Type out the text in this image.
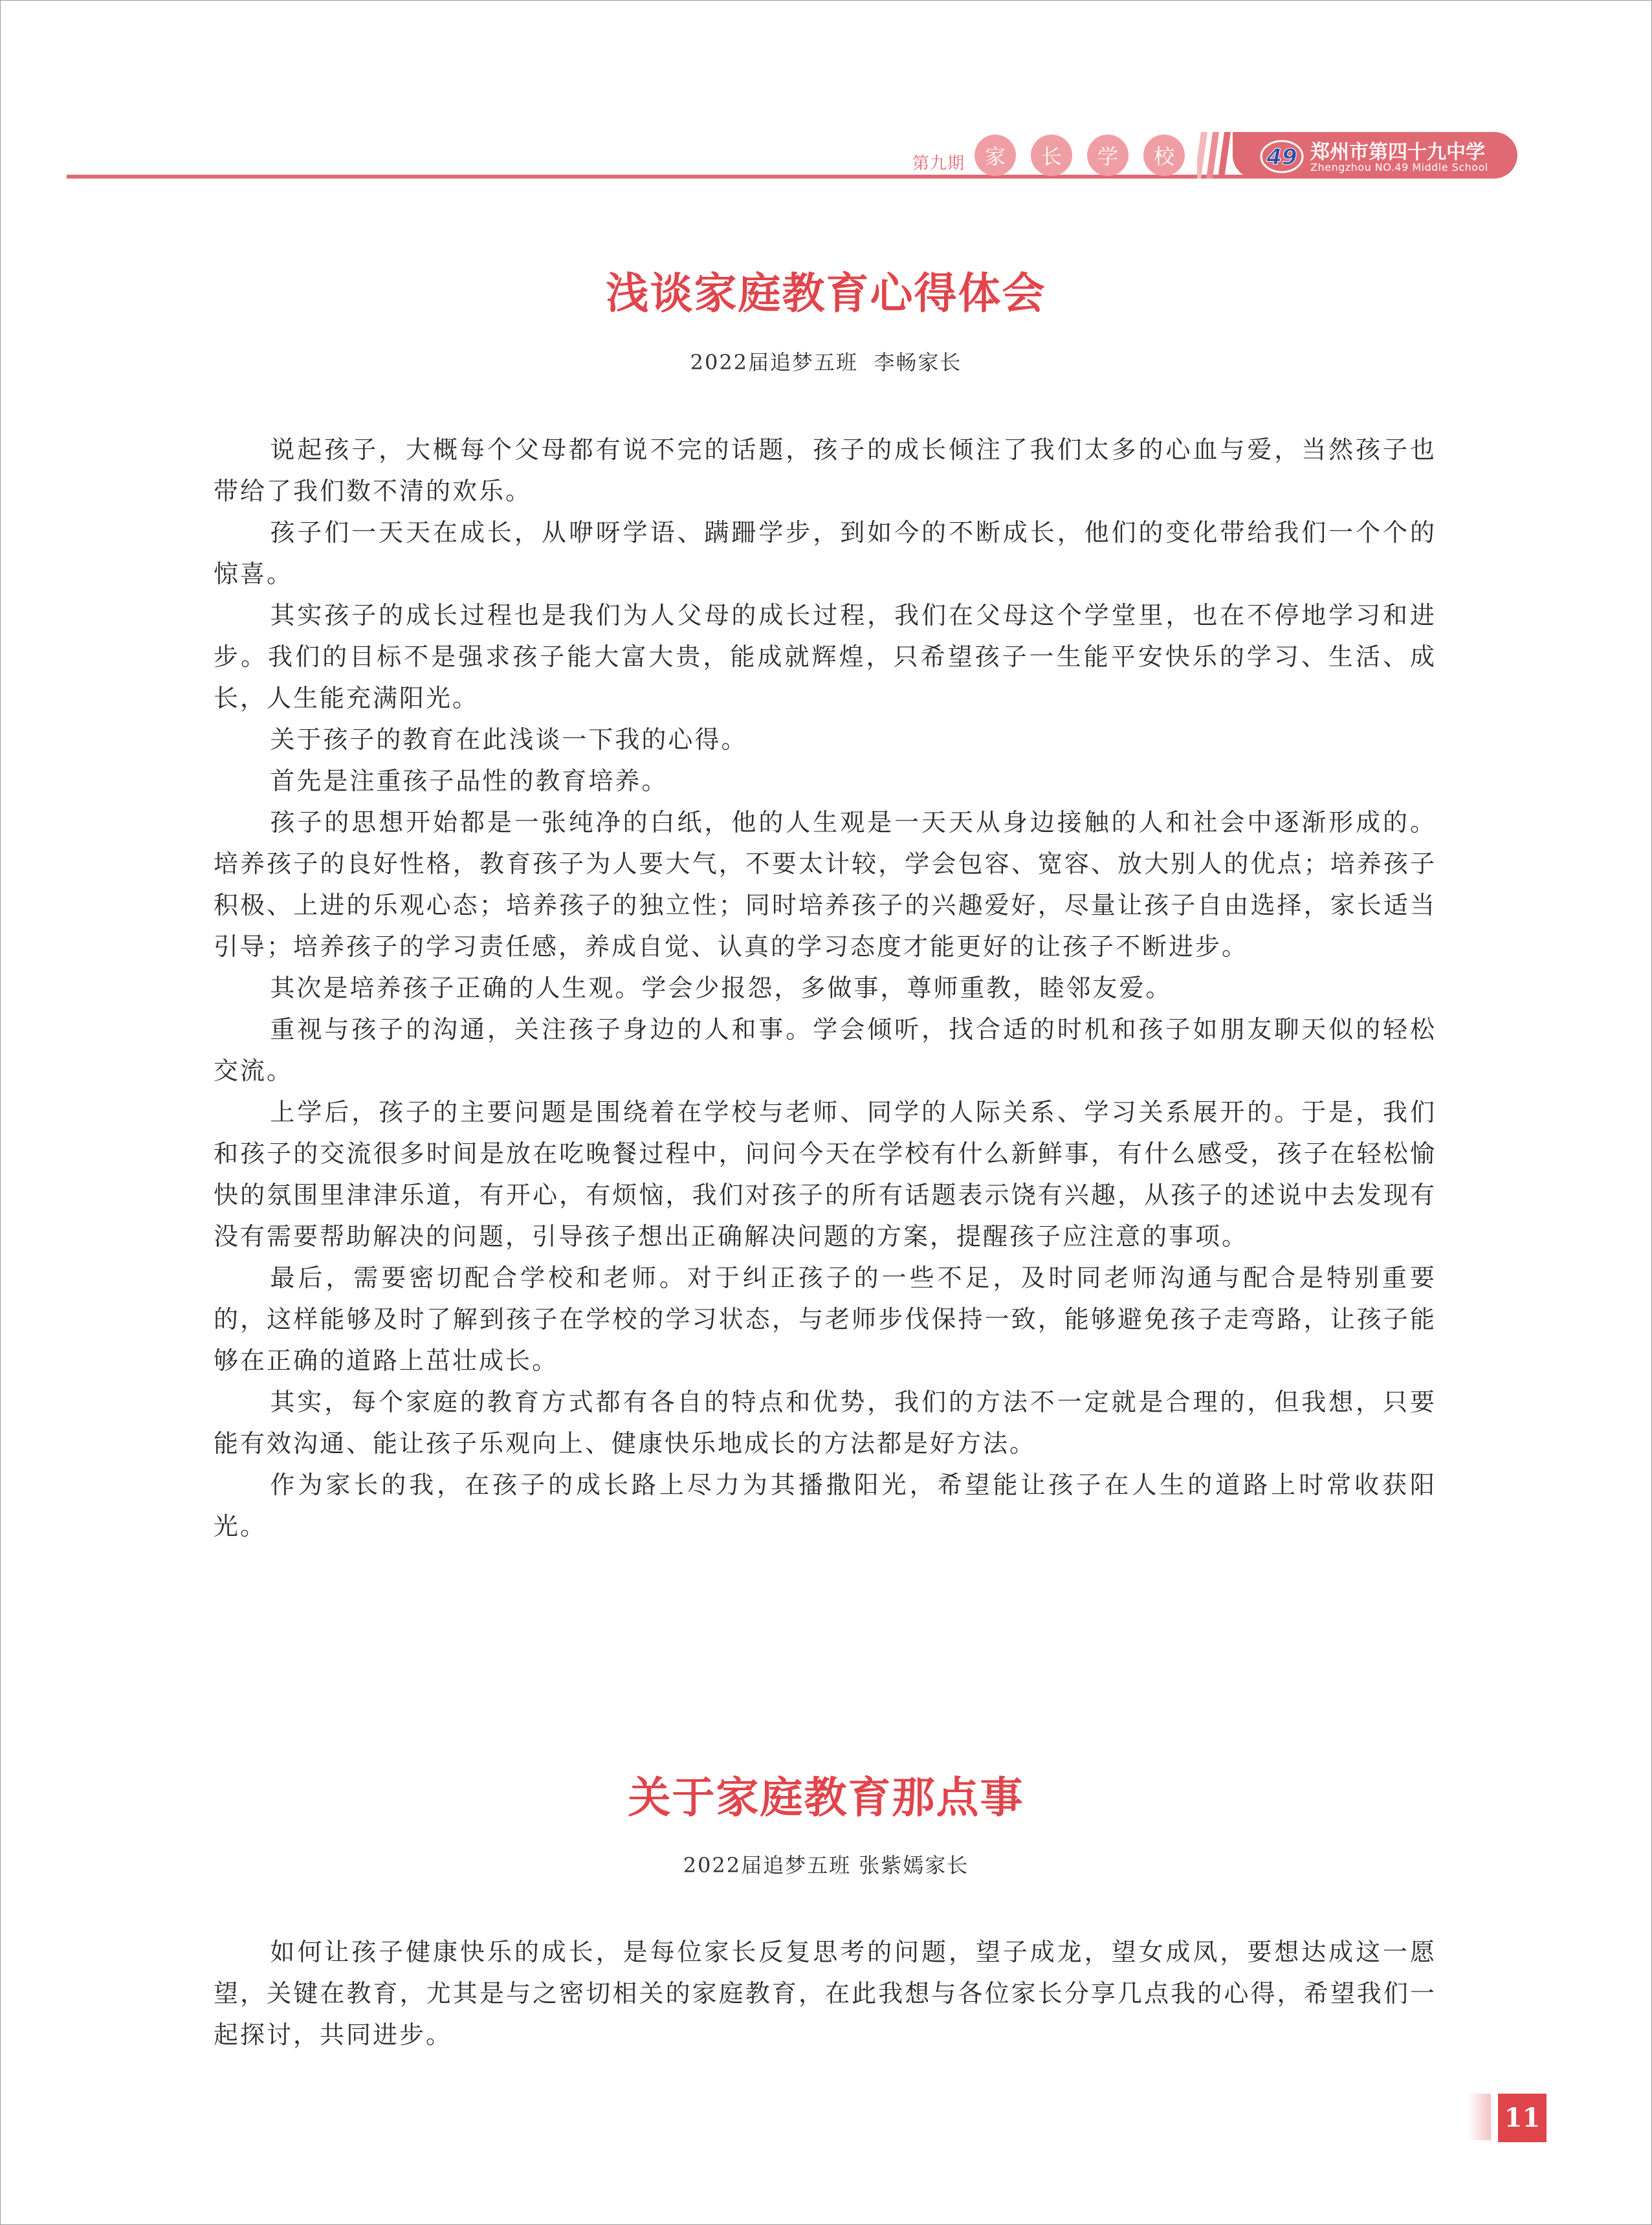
第九期 家	长	学	校	49 郑州市第四十九中学
Zhengzhou NO.49 Middle School
浅谈家庭教育心得体会
2022届追梦五班  李畅家长

说起孩子，大概每个父母都有说不完的话题，孩子的成长倾注了我们太多的心血与爱，当然孩子也带给了我们数不清的欢乐。

孩子们一天天在成长，从咿呀学语、蹒跚学步，到如今的不断成长，他们的变化带给我们一个个的惊喜。

其实孩子的成长过程也是我们为人父母的成长过程，我们在父母这个学堂里，也在不停地学习和进步。我们的目标不是强求孩子能大富大贵，能成就辉煌，只希望孩子一生能平安快乐的学习、生活、成长，人生能充满阳光。

关于孩子的教育在此浅谈一下我的心得。

首先是注重孩子品性的教育培养。

孩子的思想开始都是一张纯净的白纸，他的人生观是一天天从身边接触的人和社会中逐渐形成的。培养孩子的良好性格，教育孩子为人要大气，不要太计较，学会包容、宽容、放大别人的优点；培养孩子积极、上进的乐观心态；培养孩子的独立性；同时培养孩子的兴趣爱好，尽量让孩子自由选择，家长适当引导；培养孩子的学习责任感，养成自觉、认真的学习态度才能更好的让孩子不断进步。

其次是培养孩子正确的人生观。学会少报怨，多做事，尊师重教，睦邻友爱。

重视与孩子的沟通，关注孩子身边的人和事。学会倾听，找合适的时机和孩子如朋友聊天似的轻松交流。

上学后，孩子的主要问题是围绕着在学校与老师、同学的人际关系、学习关系展开的。于是，我们和孩子的交流很多时间是放在吃晚餐过程中，问问今天在学校有什么新鲜事，有什么感受，孩子在轻松愉快的氛围里津津乐道，有开心，有烦恼，我们对孩子的所有话题表示饶有兴趣，从孩子的述说中去发现有没有需要帮助解决的问题，引导孩子想出正确解决问题的方案，提醒孩子应注意的事项。

最后，需要密切配合学校和老师。对于纠正孩子的一些不足，及时同老师沟通与配合是特别重要的，这样能够及时了解到孩子在学校的学习状态，与老师步伐保持一致，能够避免孩子走弯路，让孩子能够在正确的道路上茁壮成长。

其实，每个家庭的教育方式都有各自的特点和优势，我们的方法不一定就是合理的，但我想，只要能有效沟通、能让孩子乐观向上、健康快乐地成长的方法都是好方法。

作为家长的我，在孩子的成长路上尽力为其播撒阳光，希望能让孩子在人生的道路上时常收获阳光。

关于家庭教育那点事
2022届追梦五班 张紫嫣家长

如何让孩子健康快乐的成长，是每位家长反复思考的问题，望子成龙，望女成凤，要想达成这一愿望，关键在教育，尤其是与之密切相关的家庭教育，在此我想与各位家长分享几点我的心得，希望我们一起探讨，共同进步。

11
